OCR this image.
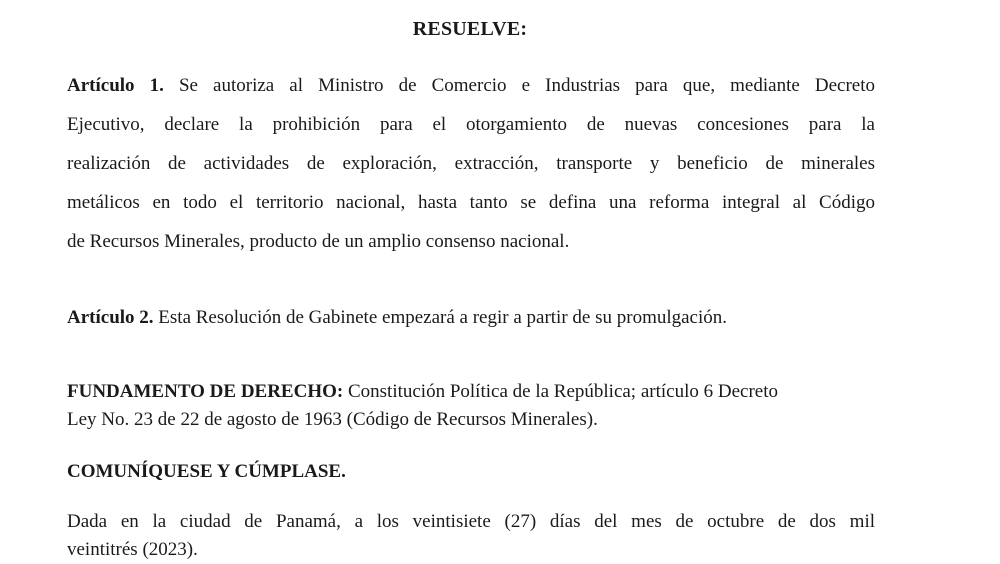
RESUELVE:
Artículo 1. Se autoriza al Ministro de Comercio e Industrias para que, mediante Decreto
Ejecutivo, declare la prohibición para el otorgamiento de nuevas concesiones para la
realización de actividades de exploración, extracción, transporte y beneficio de minerales
metálicos en todo el territorio nacional, hasta tanto se defina una reforma integral al Código
de Recursos Minerales, producto de un amplio consenso nacional.
Artículo 2. Esta Resolución de Gabinete empezará a regir a partir de su promulgación.
FUNDAMENTO DE DERECHO: Constitución Política de la República; artículo 6 Decreto
Ley No. 23 de 22 de agosto de 1963 (Código de Recursos Minerales).
COMUNÍQUESE Y CÚMPLASE.
Dada en la ciudad de Panamá, a los veintisiete (27) días del mes de octubre de dos mil
veintitrés (2023).
